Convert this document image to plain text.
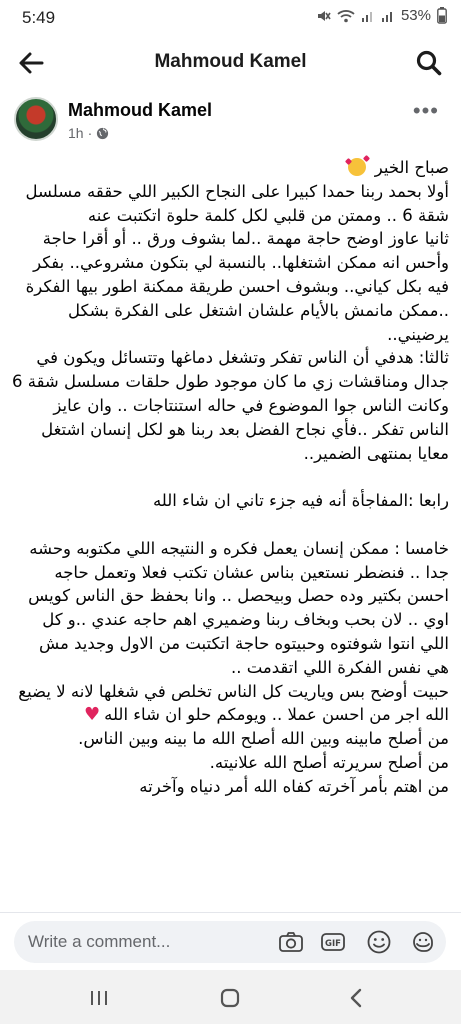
5:49	53%
Mahmoud Kamel
Mahmoud Kamel
1h ·
•••

صباح الخير

أولا بحمد ربنا حمدا كبيرا على النجاح الكبير اللي حققه مسلسل شقة 6 .. وممتن من قلبي لكل كلمة حلوة اتكتبت عنه

ثانيا عاوز اوضح حاجة مهمة ..لما بشوف ورق .. أو أقرا حاجة وأحس انه ممكن اشتغلها.. بالنسبة لي بتكون مشروعي.. بفكر فيه بكل كياني.. وبشوف احسن طريقة ممكنة اطور بيها الفكرة ..ممكن مانمش بالأيام علشان اشتغل على الفكرة بشكل يرضيني..

ثالثا: هدفي أن الناس تفكر وتشغل دماغها وتتسائل ويكون في جدال ومناقشات زي ما كان موجود طول حلقات مسلسل شقة 6 وكانت الناس جوا الموضوع في حاله استنتاجات .. وان عايز الناس تفكر ..فأي نجاح الفضل بعد ربنا هو لكل إنسان اشتغل معايا بمنتهى الضمير..

رابعا :المفاجأة أنه فيه جزء تاني ان شاء الله

خامسا : ممكن إنسان يعمل فكره و النتيجه اللي مكتوبه وحشه جدا .. فنضطر نستعين بناس عشان تكتب فعلا وتعمل حاجه احسن بكتير وده حصل وبيحصل .. وانا بحفظ حق الناس كويس اوي .. لان بحب وبخاف ربنا وضميري اهم حاجه عندي ..و كل اللي انتوا شوفتوه وحبيتوه حاجة اتكتبت من الاول وجديد مش هي نفس الفكرة اللي اتقدمت ..

حبيت أوضح بس وياريت كل الناس تخلص في شغلها لانه لا يضيع الله اجر من احسن عملا .. ويومكم حلو ان شاء الله♥

من أصلح مابينه وبين الله أصلح الله ما بينه وبين الناس.

من أصلح سريرته أصلح الله علانيته.

من اهتم بأمر آخرته كفاه الله أمر دنياه وآخرته

Write a comment...	GIF
